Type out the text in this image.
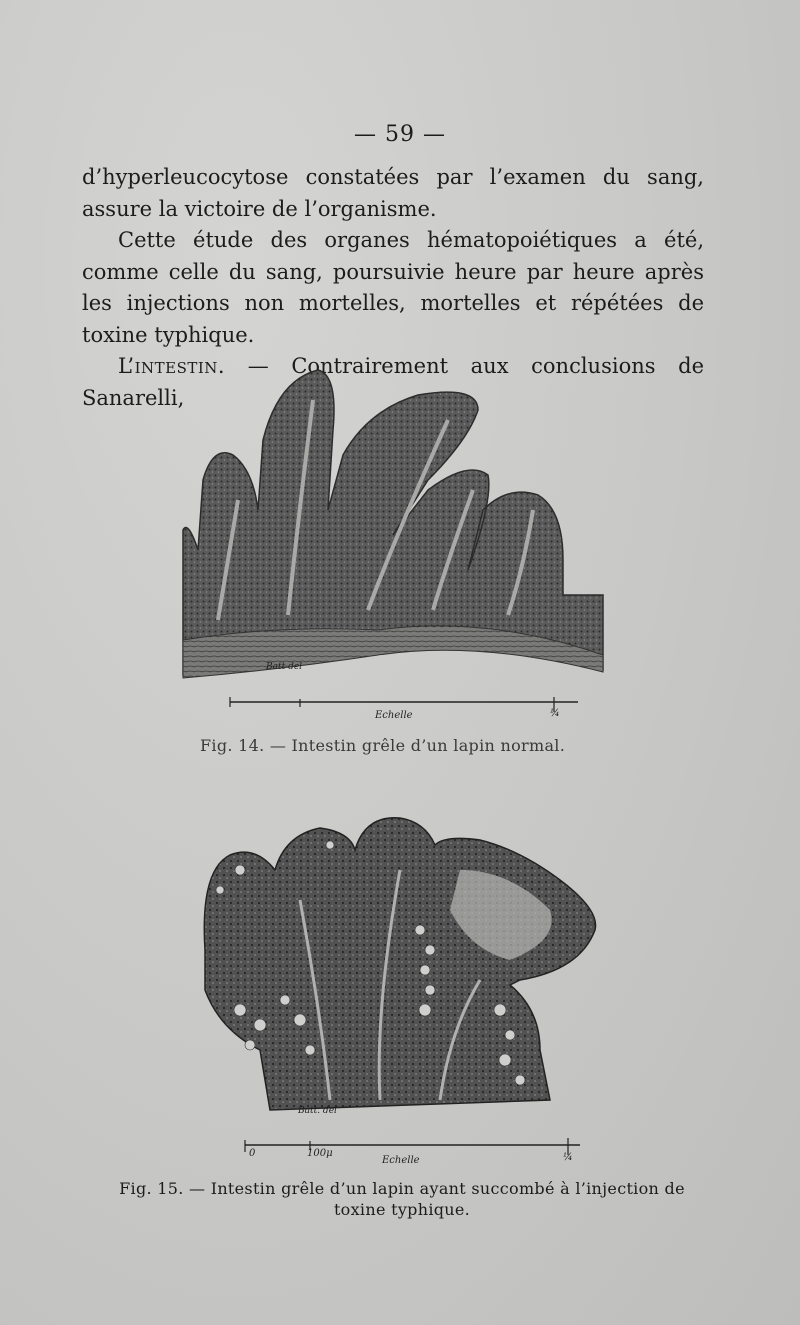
— 59 —

d’hyperleucocytose constatées par l’examen du sang, assure la victoire de l’organisme.

Cette étude des organes hématopoiétiques a été, comme celle du sang, poursuivie heure par heure après les injections non mortelles, mortelles et répétées de toxine typhique.

L’intestin. — Contrairement aux conclusions de Sanarelli,

Batt del
Echelle	¼
Fig. 14. — Intestin grêle d’un lapin normal.
Batt. del
0	100μ
Echelle	¼
Fig. 15. — Intestin grêle d’un lapin ayant succombé à l’injection de toxine typhique.
